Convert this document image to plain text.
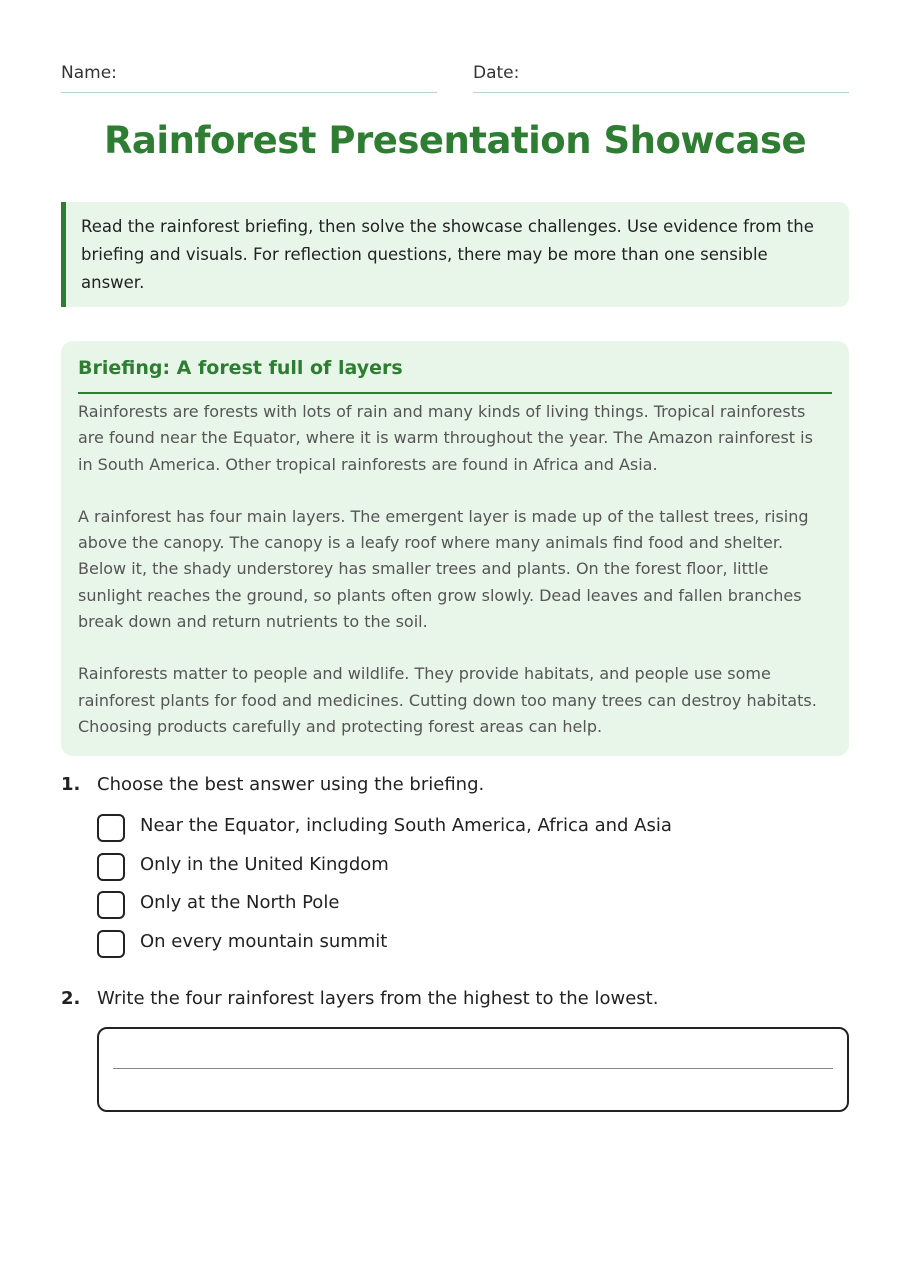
Name:	Date:
Rainforest Presentation Showcase
Read the rainforest briefing, then solve the showcase challenges. Use evidence from the briefing and visuals. For reflection questions, there may be more than one sensible answer.
Briefing: A forest full of layers

Rainforests are forests with lots of rain and many kinds of living things. Tropical rainforests are found near the Equator, where it is warm throughout the year. The Amazon rainforest is in South America. Other tropical rainforests are found in Africa and Asia.

A rainforest has four main layers. The emergent layer is made up of the tallest trees, rising above the canopy. The canopy is a leafy roof where many animals find food and shelter. Below it, the shady understorey has smaller trees and plants. On the forest floor, little sunlight reaches the ground, so plants often grow slowly. Dead leaves and fallen branches break down and return nutrients to the soil.

Rainforests matter to people and wildlife. They provide habitats, and people use some rainforest plants for food and medicines. Cutting down too many trees can destroy habitats. Choosing products carefully and protecting forest areas can help.

1. Choose the best answer using the briefing.
Near the Equator, including South America, Africa and Asia
Only in the United Kingdom
Only at the North Pole
On every mountain summit
2. Write the four rainforest layers from the highest to the lowest.
